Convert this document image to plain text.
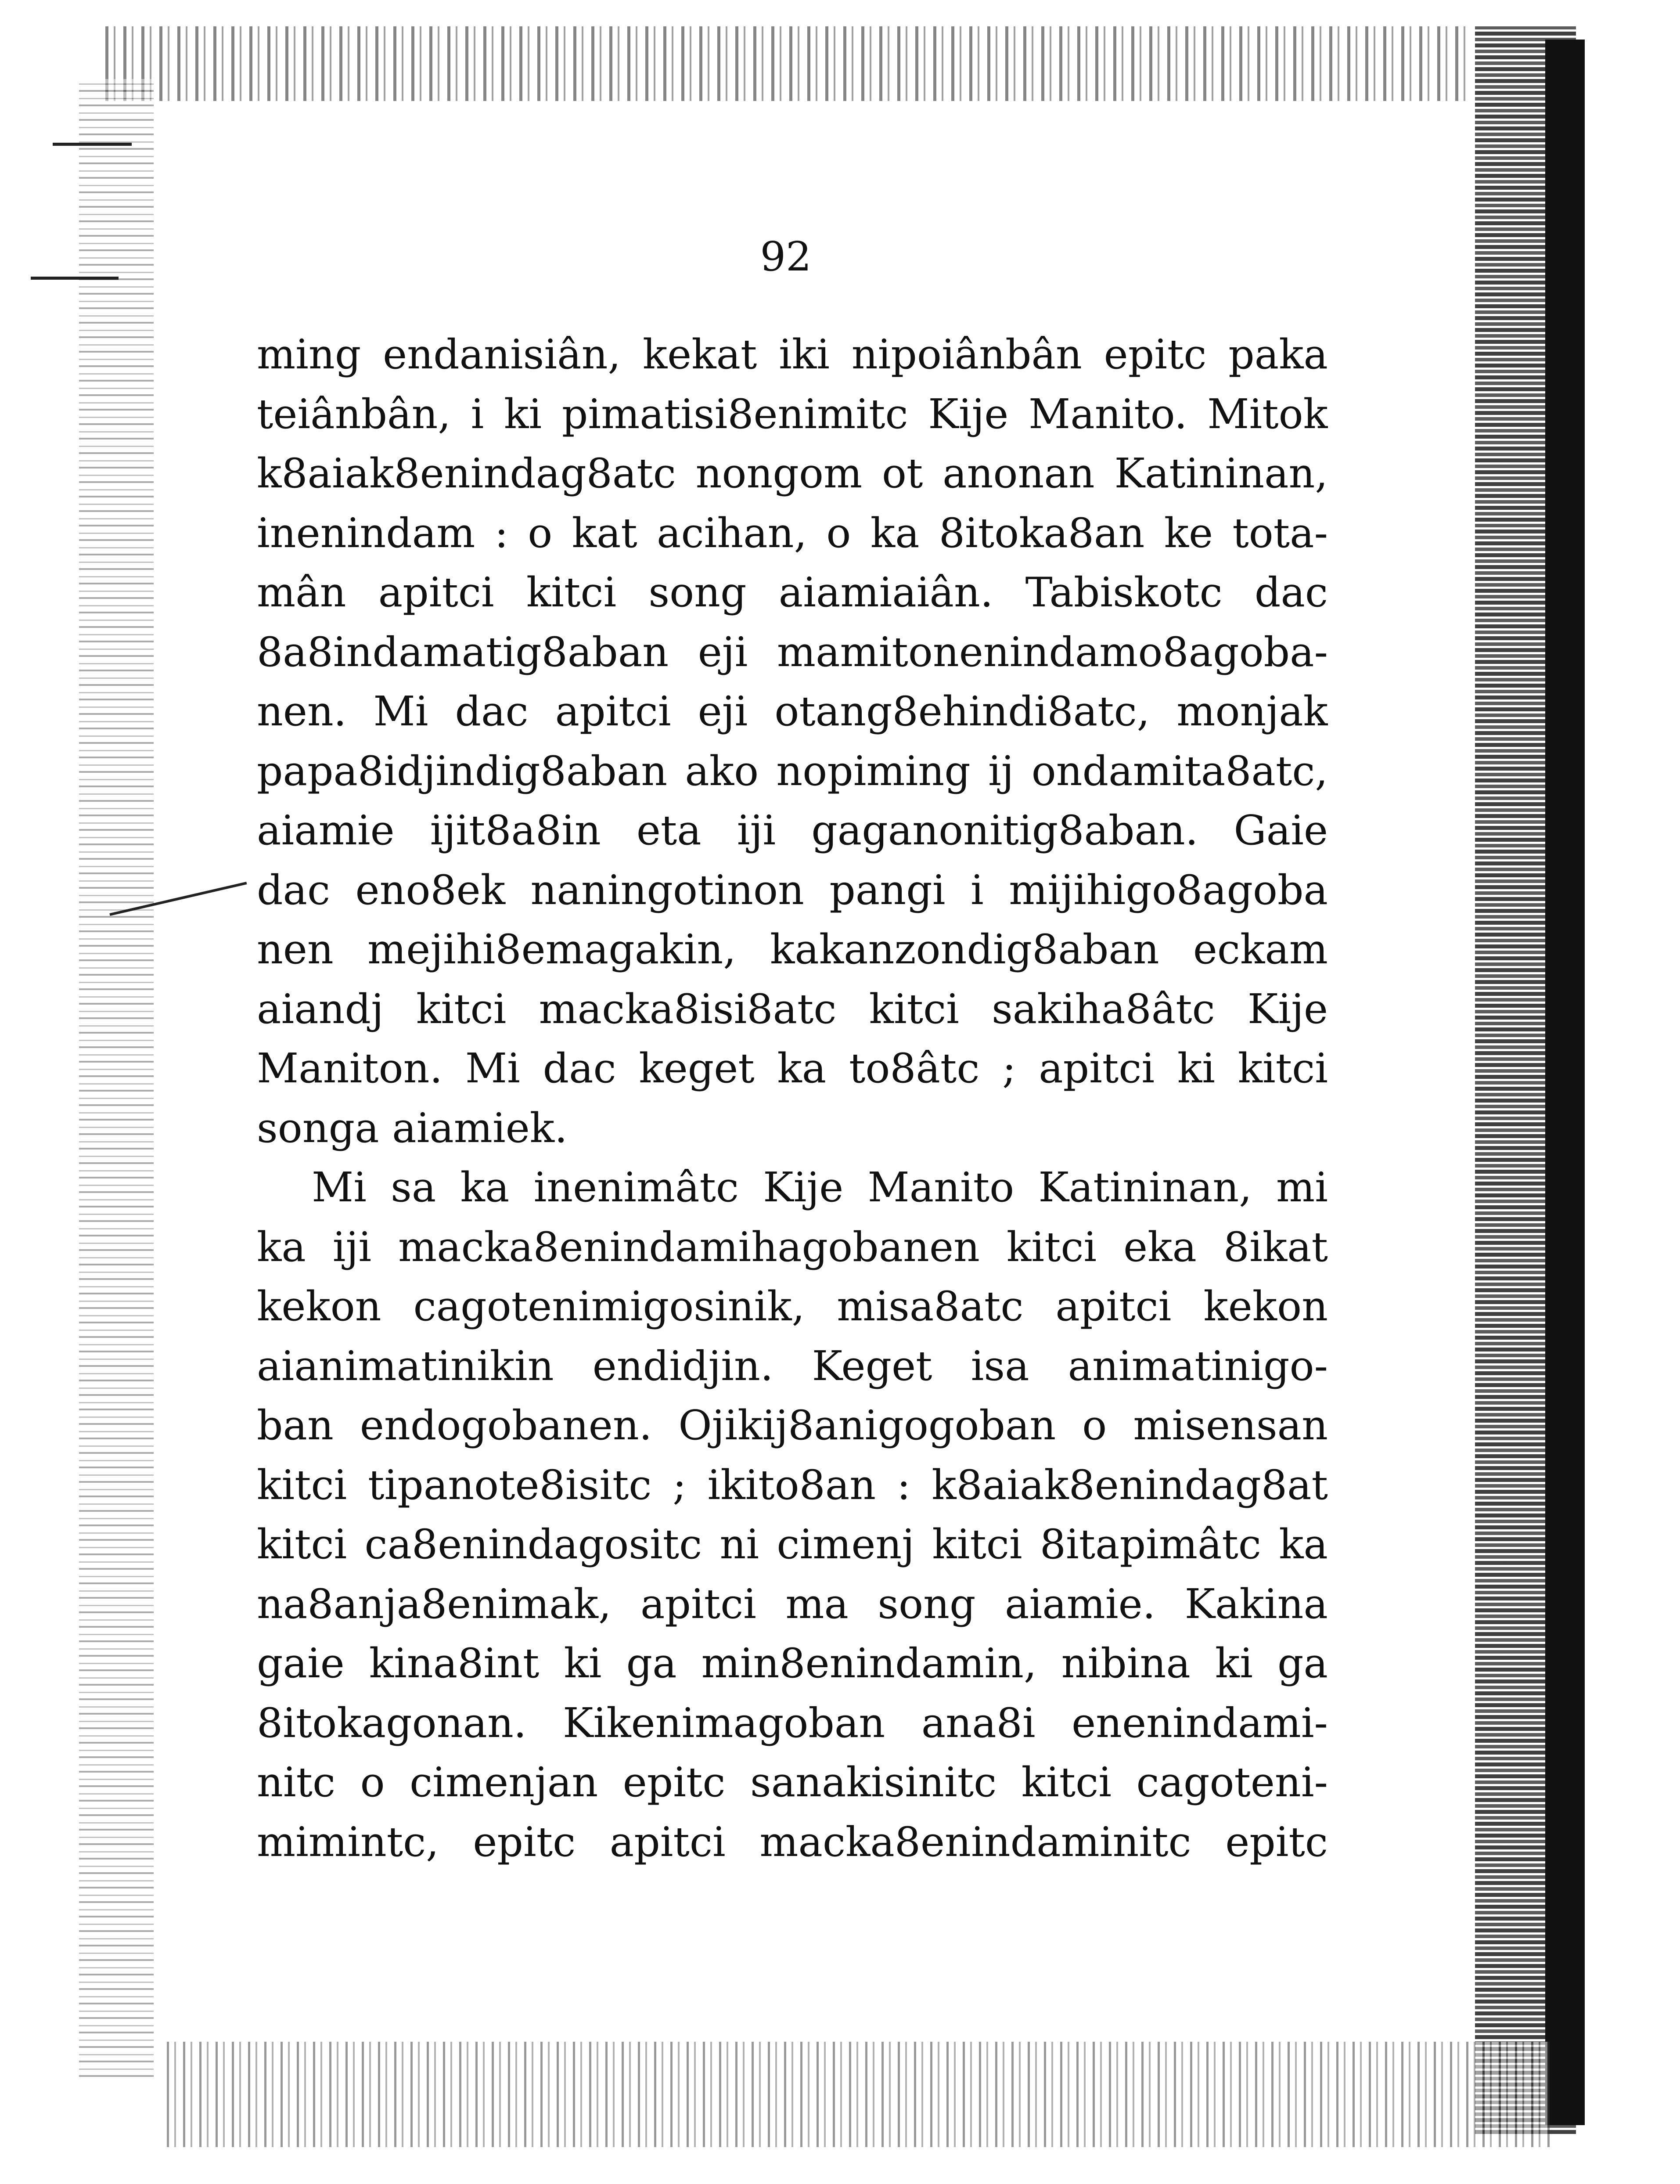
92
ming endanisiân, kekat iki nipoiânbân epitc paka
teiânbân, i ki pimatisi8enimitc Kije Manito. Mitok
k8aiak8enindag8atc nongom ot anonan Katininan,
inenindam : o kat acihan, o ka 8itoka8an ke tota-
mân apitci kitci song aiamiaiân. Tabiskotc dac
8a8indamatig8aban eji mamitonenindamo8agoba-
nen. Mi dac apitci eji otang8ehindi8atc, monjak
papa8idjindig8aban ako nopiming ij ondamita8atc,
aiamie ijit8a8in eta iji gaganonitig8aban. Gaie
dac eno8ek naningotinon pangi i mijihigo8agoba
nen mejihi8emagakin, kakanzondig8aban eckam
aiandj kitci macka8isi8atc kitci sakiha8âtc Kije
Maniton. Mi dac keget ka to8âtc ; apitci ki kitci
songa aiamiek.
Mi sa ka inenimâtc Kije Manito Katininan, mi
ka iji macka8enindamihagobanen kitci eka 8ikat
kekon cagotenimigosinik, misa8atc apitci kekon
aianimatinikin endidjin. Keget isa animatinigo-
ban endogobanen. Ojikij8anigogoban o misensan
kitci tipanote8isitc ; ikito8an : k8aiak8enindag8at
kitci ca8enindagositc ni cimenj kitci 8itapimâtc ka
na8anja8enimak, apitci ma song aiamie. Kakina
gaie kina8int ki ga min8enindamin, nibina ki ga
8itokagonan. Kikenimagoban ana8i enenindami-
nitc o cimenjan epitc sanakisinitc kitci cagoteni-
mimintc, epitc apitci macka8enindaminitc epitc
